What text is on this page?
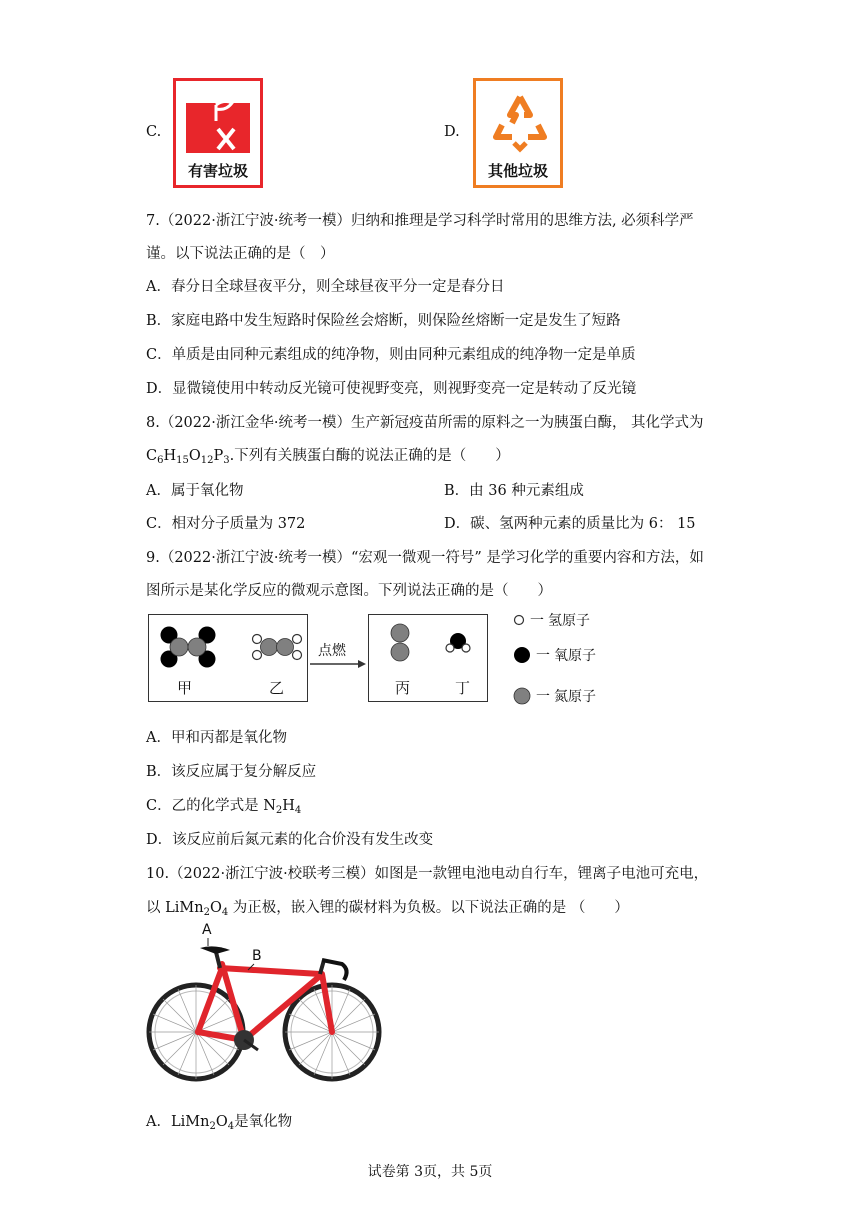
C.
有害垃圾
D.
其他垃圾
7.（2022·浙江宁波·统考一模）归纳和推理是学习科学时常用的思维方法, 必须科学严
谨。以下说法正确的是（　）
A．春分日全球昼夜平分，则全球昼夜平分一定是春分日
B．家庭电路中发生短路时保险丝会熔断，则保险丝熔断一定是发生了短路
C．单质是由同种元素组成的纯净物，则由同种元素组成的纯净物一定是单质
D．显微镜使用中转动反光镜可使视野变亮，则视野变亮一定是转动了反光镜
8.（2022·浙江金华·统考一模）生产新冠疫苗所需的原料之一为胰蛋白酶， 其化学式为
$C_6H_{15}O_{12}P_3$.下列有关胰蛋白酶的说法正确的是（　　）
A．属于氧化物	B．由 36 种元素组成
C．相对分子质量为 372	D．碳、氢两种元素的质量比为 6： 15
9.（2022·浙江宁波·统考一模）“宏观一微观一符号” 是学习化学的重要内容和方法，如
图所示是某化学反应的微观示意图。下列说法正确的是（　　）
甲	乙
点燃
丙	丁
一 氢原子
一 氧原子
一 氮原子
A．甲和丙都是氧化物
B．该反应属于复分解反应
C．乙的化学式是 $N_2H_4$
D．该反应前后氮元素的化合价没有发生改变
10.（2022·浙江宁波·校联考三模）如图是一款锂电池电动自行车，锂离子电池可充电，
以 $LiMn_2O_4$ 为正极，嵌入锂的碳材料为负极。以下说法正确的是 （　　）
BMC
A
B
A．$LiMn_2O_4$是氧化物
试卷第 3页，共 5页
